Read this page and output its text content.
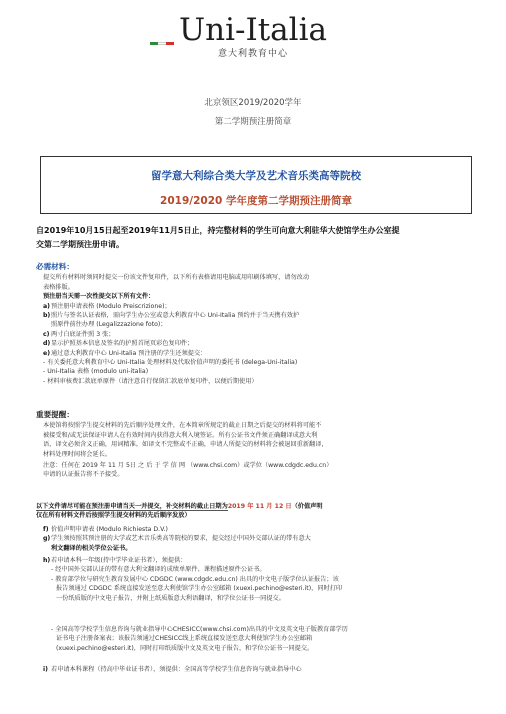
Uni-Italia
意大利教育中心
北京领区2019/2020学年
第二学期预注册简章
留学意大利综合类大学及艺术音乐类高等院校
2019/2020 学年度第二学期预注册简章
自2019年10月15日起至2019年11月5日止，持完整材料的学生可向意大利驻华大使馆学生办公室提
交第二学期预注册申请。

必需材料：

提交所有材料时须同时提交一份该文件复印件，以下所有表格请用电脑或用印刷体填写，请勿改动

表格排版。

预注册当天需一次性提交以下所有文件：

a)预注册申请表格 (Modulo Preiscrizione)；

b)照片与签名认证表格，需向学生办公室或意大利教育中心 Uni-Italia 预约并于当天携有效护

照原件前往办理 (Legalizzazione foto)；

c) 两寸白底证件照 3 张；

d)显示护照基本信息及签名的护照首尾页彩色复印件；

e)通过意大利教育中心 Uni-Italia 预注册的学生还须提交：

- 有关委托意大利教育中心 Uni-Italia 处理材料及代取价值声明的委托书 (delega-Uni-italia)

- Uni-Italia 表格 (modulo uni-italia)

- 材料审核费汇款底单原件（请注意自行保留汇款底单复印件，以便后期使用）

重要提醒：

本使馆将按照学生提交材料的先后顺序处理文件，在本简章所规定的截止日期之后提交的材料将可能不

被接受和/或无法保证申请人在有效时间内获得意大利入境签证。所有公证书文件须正确翻译成意大利

语，译文必须含义正确，用词精准。如译文不完整或不正确，申请人所提交的材料将会被退回重新翻译，

材料处理时间将会延长。

注意：任何在 2019 年 11 月 5日 之 后 于 学 信 网 （www.chsi.com）或学位（www.cdgdc.edu.cn）

申请的认证报告将不予接受。

以下文件请尽可能在预注册申请当天一并提交，补交材料的截止日期为2019 年 11 月 12 日（价值声明

仅在所有材料文件后按照学生提交材料的先后顺序发放）

f) 价值声明申请表 (Modulo Richiesta D.V.)

g)学生须按照其预注册的大学或艺术音乐类高等院校的要求，提交经过中国外交部认证的带有意大

利文翻译的相关学位公证书。

h)若申请本科一年级(持中学毕业证书者），须提供：

- 经中国外交部认证的带有意大利文翻译的成绩单原件、课程描述原件公证书。

- 教育部学位与研究生教育发展中心 CDGDC (www.cdgdc.edu.cn) 出具的中文电子版学位认证报告；该

报告须通过 CDGDC 系统直接发送至意大利使馆学生办公室邮箱 (xuexi.pechino@esteri.it)，同时打印

一份纸质版的中文电子报告，并附上纸质版意大利语翻译，和学位公证书一同提交。

- 全国高等学校学生信息咨询与就业指导中心CHESICC(www.chsi.com)出具的中文及英文电子版教育部学历

证书电子注册备案表；该报告须通过CHESICC线上系统直接发送至意大利使馆学生办公室邮箱

(xuexi.pechino@esteri.it)，同时打印纸质版中文及英文电子报告，和学位公证书一同提交。

i) 若申请本科课程（持高中毕业证书者），须提供：全国高等学校学生信息咨询与就业指导中心
